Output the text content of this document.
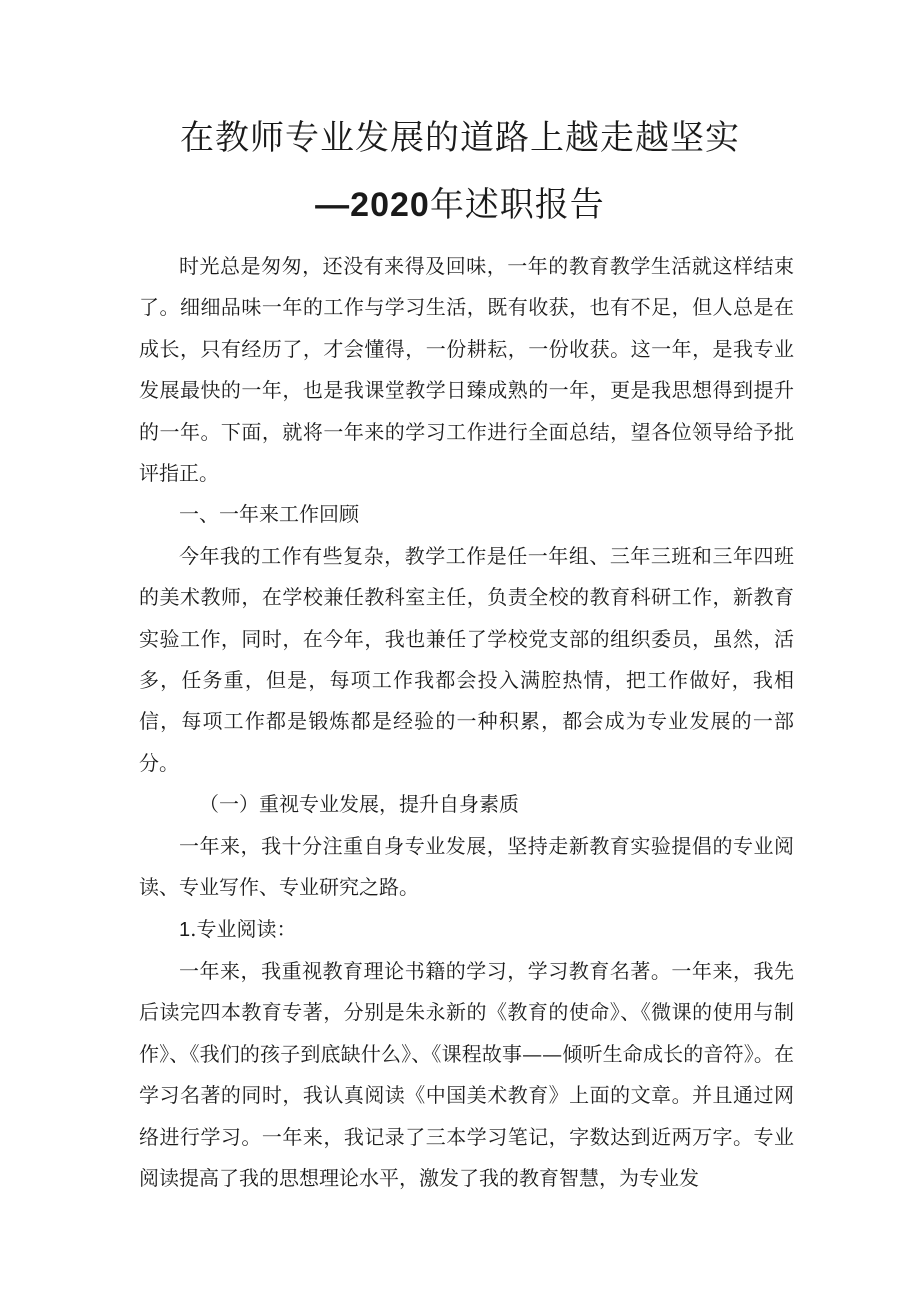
在教师专业发展的道路上越走越坚实
—2020年述职报告

时光总是匆匆，还没有来得及回味，一年的教育教学生活就这样结束了。细细品味一年的工作与学习生活，既有收获，也有不足，但人总是在成长，只有经历了，才会懂得，一份耕耘，一份收获。这一年，是我专业发展最快的一年，也是我课堂教学日臻成熟的一年，更是我思想得到提升的一年。下面，就将一年来的学习工作进行全面总结，望各位领导给予批评指正。

一、一年来工作回顾

今年我的工作有些复杂，教学工作是任一年组、三年三班和三年四班的美术教师，在学校兼任教科室主任，负责全校的教育科研工作，新教育实验工作，同时，在今年，我也兼任了学校党支部的组织委员，虽然，活多，任务重，但是，每项工作我都会投入满腔热情，把工作做好，我相信，每项工作都是锻炼都是经验的一种积累，都会成为专业发展的一部分。

（一）重视专业发展，提升自身素质

一年来，我十分注重自身专业发展，坚持走新教育实验提倡的专业阅读、专业写作、专业研究之路。

1.专业阅读：

一年来，我重视教育理论书籍的学习，学习教育名著。一年来，我先后读完四本教育专著，分别是朱永新的《教育的使命》、《微课的使用与制作》、《我们的孩子到底缺什么》、《课程故事——倾听生命成长的音符》。在学习名著的同时，我认真阅读《中国美术教育》上面的文章。并且通过网络进行学习。一年来，我记录了三本学习笔记，字数达到近两万字。专业阅读提高了我的思想理论水平，激发了我的教育智慧，为专业发
